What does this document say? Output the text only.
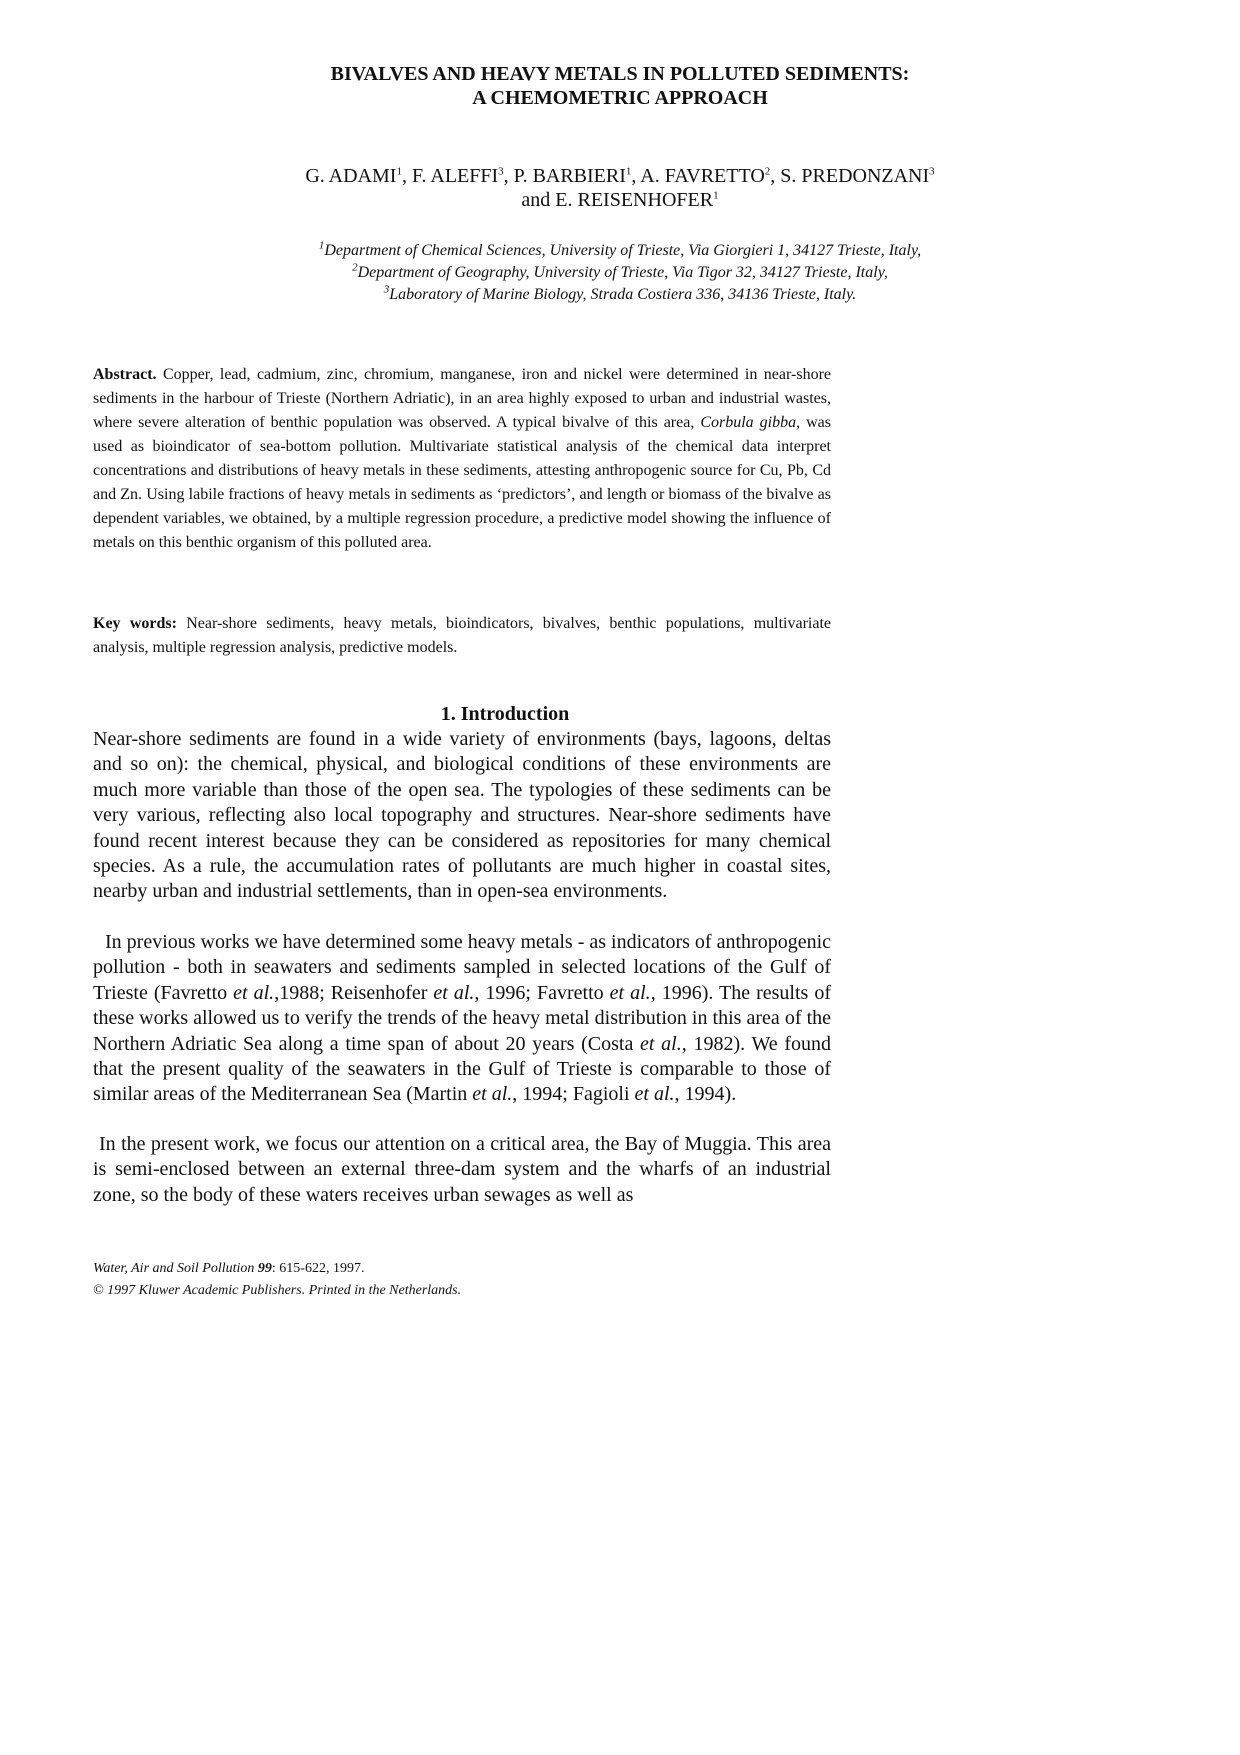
BIVALVES AND HEAVY METALS IN POLLUTED SEDIMENTS:
A CHEMOMETRIC APPROACH
G. ADAMI$^1$, F. ALEFFI$^3$, P. BARBIERI$^1$, A. FAVRETTO$^2$, S. PREDONZANI$^3$
and E. REISENHOFER$^1$
$^1$Department of Chemical Sciences, University of Trieste, Via Giorgieri 1, 34127 Trieste, Italy,
$^2$Department of Geography, University of Trieste, Via Tigor 32, 34127 Trieste, Italy,
$^3$Laboratory of Marine Biology, Strada Costiera 336, 34136 Trieste, Italy.
Abstract. Copper, lead, cadmium, zinc, chromium, manganese, iron and nickel were determined in near-shore sediments in the harbour of Trieste (Northern Adriatic), in an area highly exposed to urban and industrial wastes, where severe alteration of benthic population was observed. A typical bivalve of this area, Corbula gibba, was used as bioindicator of sea-bottom pollution. Multivariate statistical analysis of the chemical data interpret concentrations and distributions of heavy metals in these sediments, attesting anthropogenic source for Cu, Pb, Cd and Zn. Using labile fractions of heavy metals in sediments as ‘predictors’, and length or biomass of the bivalve as dependent variables, we obtained, by a multiple regression procedure, a predictive model showing the influence of metals on this benthic organism of this polluted area.
Key words: Near-shore sediments, heavy metals, bioindicators, bivalves, benthic populations, multivariate analysis, multiple regression analysis, predictive models.
1. Introduction
Near-shore sediments are found in a wide variety of environments (bays, lagoons, deltas and so on): the chemical, physical, and biological conditions of these environments are much more variable than those of the open sea. The typologies of these sediments can be very various, reflecting also local topography and structures. Near-shore sediments have found recent interest because they can be considered as repositories for many chemical species. As a rule, the accumulation rates of pollutants are much higher in coastal sites, nearby urban and industrial settlements, than in open-sea environments.
In previous works we have determined some heavy metals - as indicators of anthropogenic pollution - both in seawaters and sediments sampled in selected locations of the Gulf of Trieste (Favretto et al.,1988; Reisenhofer et al., 1996; Favretto et al., 1996). The results of these works allowed us to verify the trends of the heavy metal distribution in this area of the Northern Adriatic Sea along a time span of about 20 years (Costa et al., 1982). We found that the present quality of the seawaters in the Gulf of Trieste is comparable to those of similar areas of the Mediterranean Sea (Martin et al., 1994; Fagioli et al., 1994).
In the present work, we focus our attention on a critical area, the Bay of Muggia. This area is semi-enclosed between an external three-dam system and the wharfs of an industrial zone, so the body of these waters receives urban sewages as well as
Water, Air and Soil Pollution 99: 615-622, 1997.
© 1997 Kluwer Academic Publishers. Printed in the Netherlands.
